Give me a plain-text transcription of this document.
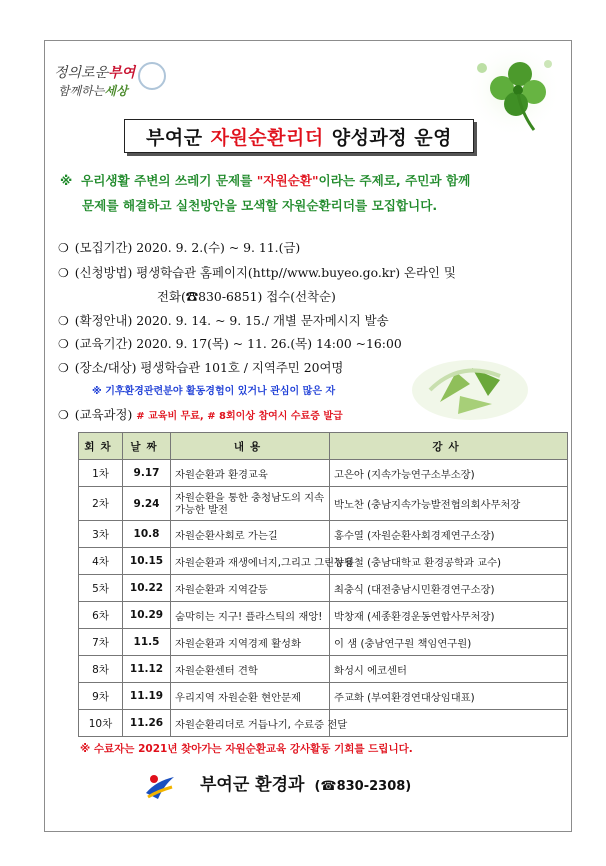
정의로운부여
함께하는세상
부여군 자원순환리더 양성과정 운영
※ 우리생활 주변의 쓰레기 문제를 "자원순환"이라는 주제로, 주민과 함께
문제를 해결하고 실천방안을 모색할 자원순환리더를 모집합니다.
❍ (모집기간) 2020. 9. 2.(수) ~ 9. 11.(금)
❍ (신청방법) 평생학습관 홈페이지(http//www.buyeo.go.kr) 온라인 및
전화(☎830-6851) 접수(선착순)
❍ (확정안내) 2020. 9. 14. ~ 9. 15./ 개별 문자메시지 발송
❍ (교육기간) 2020. 9. 17(목) ~ 11. 26.(목) 14:00 ~16:00
❍ (장소/대상) 평생학습관 101호 / 지역주민 20여명
※ 기후환경관련분야 활동경험이 있거나 관심이 많은 자
❍ (교육과정) # 교육비 무료, # 8회이상 참여시 수료증 발급
회차	날짜	내용	강사
1차	9.17	자원순환과 환경교육	고은아 (지속가능연구소부소장)
2차	9.24	자원순환을 통한 충청남도의 지속가능한 발전	박노찬 (충남지속가능발전협의회사무처장
3차	10.8	자원순환사회로 가는길	홍수열 (자원순환사회경제연구소장)
4차	10.15	자원순환과 재생에너지,그리고 그린뉴딜	장용철 (충남대학교 환경공학과 교수)
5차	10.22	자원순환과 지역갈등	최충식 (대전충남시민환경연구소장)
6차	10.29	숨막히는 지구! 플라스틱의 재앙!	박창재 (세종환경운동연합사무처장)
7차	11.5	자원순환과 지역경제 활성화	이 샘 (충남연구원 책임연구원)
8차	11.12	자원순환센터 견학	화성시 에코센터
9차	11.19	우리지역 자원순환 현안문제	주교화 (부여환경연대상임대표)
10차	11.26	자원순환리더로 거듭나기, 수료증 전달	
※ 수료자는 2021년 찾아가는 자원순환교육 강사활동 기회를 드립니다.
부여군 환경과 (☎830-2308)
